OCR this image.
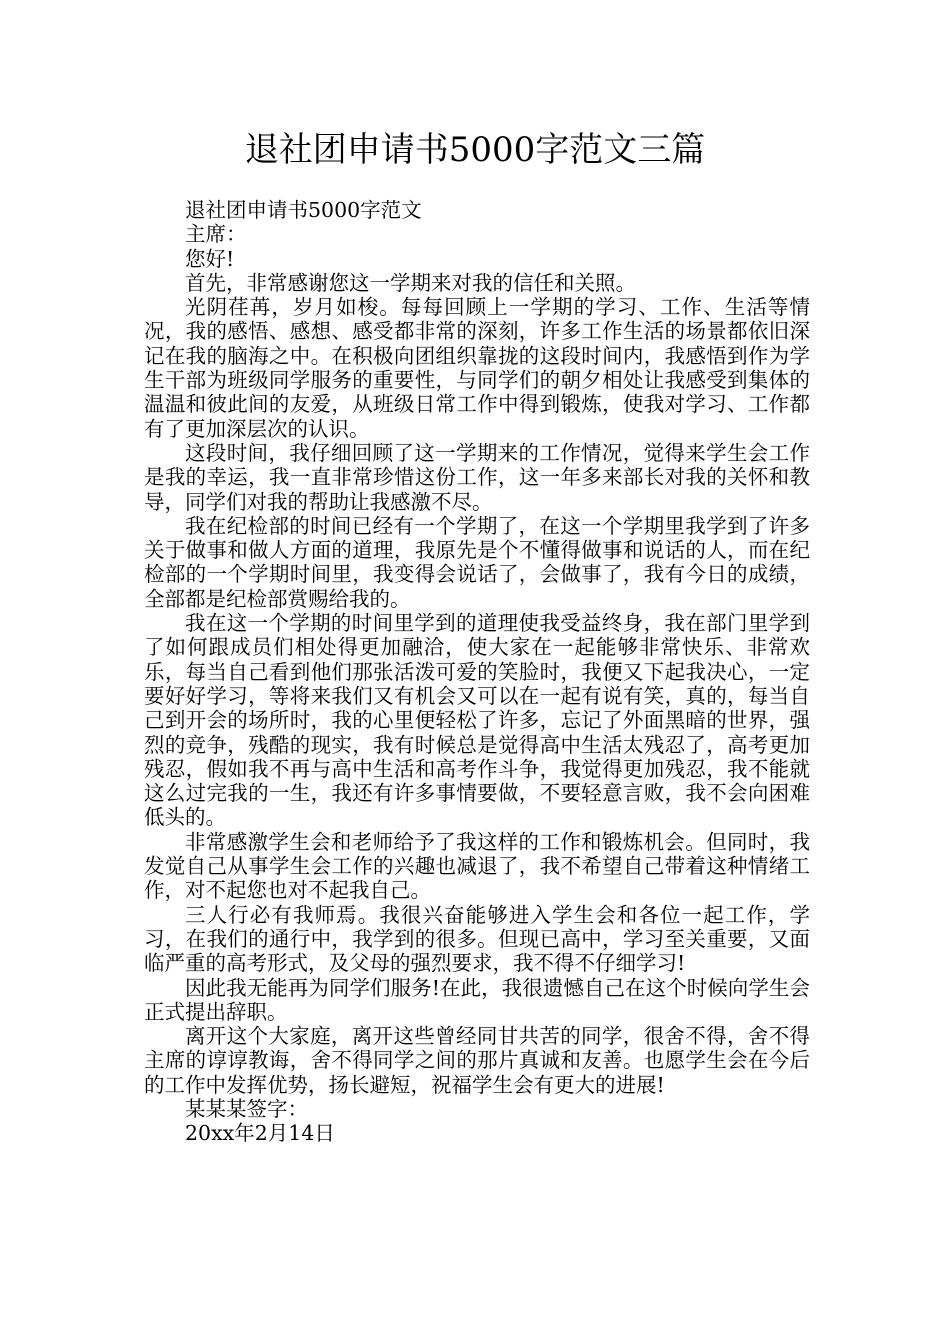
退社团申请书5000字范文三篇

退社团申请书5000字范文

主席：

您好!

首先，非常感谢您这一学期来对我的信任和关照。

光阴荏苒，岁月如梭。每每回顾上一学期的学习、工作、生活等情况，我的感悟、感想、感受都非常的深刻，许多工作生活的场景都依旧深记在我的脑海之中。在积极向团组织靠拢的这段时间内，我感悟到作为学生干部为班级同学服务的重要性，与同学们的朝夕相处让我感受到集体的温温和彼此间的友爱，从班级日常工作中得到锻炼，使我对学习、工作都有了更加深层次的认识。

这段时间，我仔细回顾了这一学期来的工作情况，觉得来学生会工作是我的幸运，我一直非常珍惜这份工作，这一年多来部长对我的关怀和教导，同学们对我的帮助让我感激不尽。

我在纪检部的时间已经有一个学期了，在这一个学期里我学到了许多关于做事和做人方面的道理，我原先是个不懂得做事和说话的人，而在纪检部的一个学期时间里，我变得会说话了，会做事了，我有今日的成绩，全部都是纪检部赏赐给我的。

我在这一个学期的时间里学到的道理使我受益终身，我在部门里学到了如何跟成员们相处得更加融洽，使大家在一起能够非常快乐、非常欢乐，每当自己看到他们那张活泼可爱的笑脸时，我便又下起我决心，一定要好好学习，等将来我们又有机会又可以在一起有说有笑，真的，每当自己到开会的场所时，我的心里便轻松了许多，忘记了外面黑暗的世界，强烈的竞争，残酷的现实，我有时候总是觉得高中生活太残忍了，高考更加残忍，假如我不再与高中生活和高考作斗争，我觉得更加残忍，我不能就这么过完我的一生，我还有许多事情要做，不要轻意言败，我不会向困难低头的。

非常感激学生会和老师给予了我这样的工作和锻炼机会。但同时，我发觉自己从事学生会工作的兴趣也减退了，我不希望自己带着这种情绪工作，对不起您也对不起我自己。

三人行必有我师焉。我很兴奋能够进入学生会和各位一起工作，学习，在我们的通行中，我学到的很多。但现已高中，学习至关重要，又面临严重的高考形式，及父母的强烈要求，我不得不仔细学习!

因此我无能再为同学们服务!在此，我很遗憾自己在这个时候向学生会正式提出辞职。

离开这个大家庭，离开这些曾经同甘共苦的同学，很舍不得，舍不得主席的谆谆教诲，舍不得同学之间的那片真诚和友善。也愿学生会在今后的工作中发挥优势，扬长避短，祝福学生会有更大的进展!

某某某签字：

20xx年2月14日
